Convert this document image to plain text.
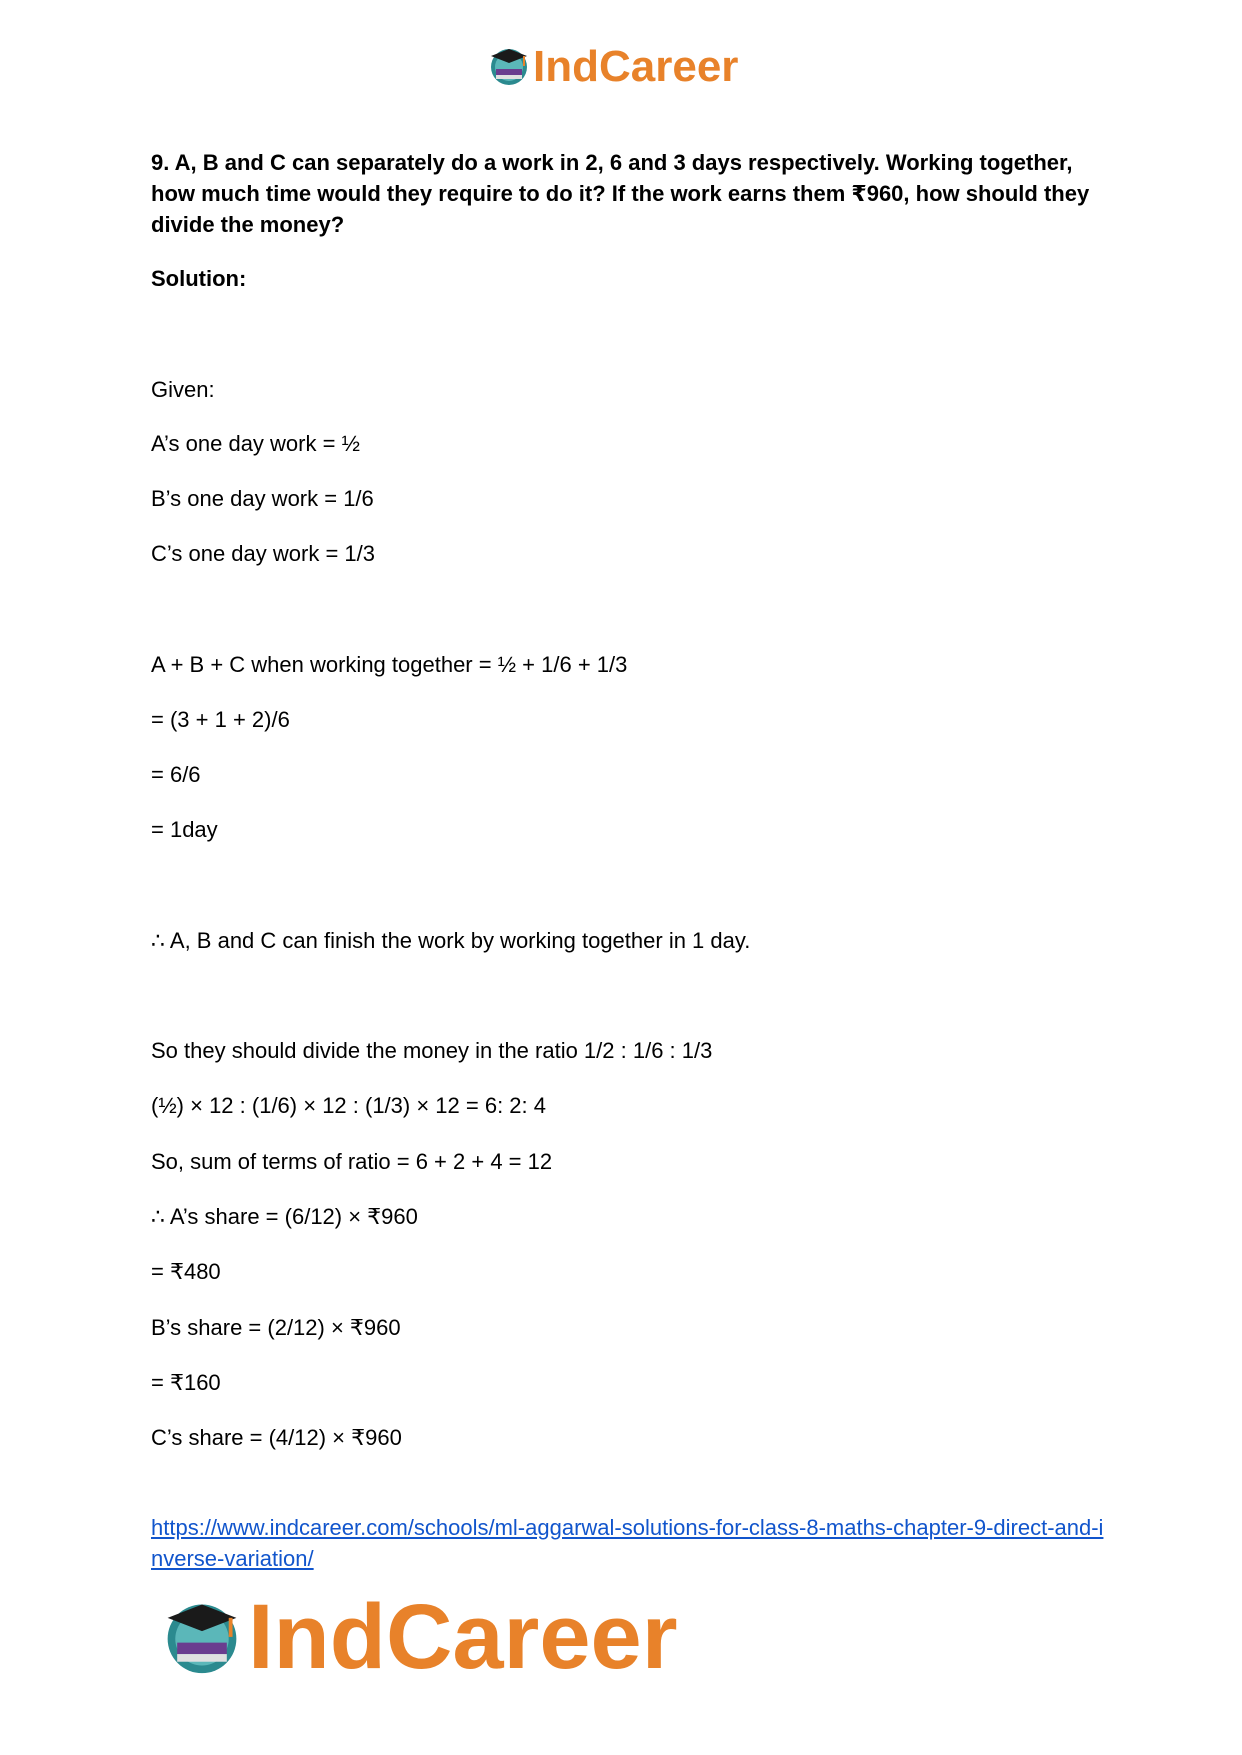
IndCareer
9. A, B and C can separately do a work in 2, 6 and 3 days respectively. Working together, how much time would they require to do it? If the work earns them ₹960, how should they divide the money?
Solution:
Given:
A’s one day work = ½
B’s one day work = 1/6
C’s one day work = 1/3
A + B + C when working together = ½ + 1/6 + 1/3
= (3 + 1 + 2)/6
= 6/6
= 1day
∴ A, B and C can finish the work by working together in 1 day.
So they should divide the money in the ratio 1/2 : 1/6 : 1/3
(½) × 12 : (1/6) × 12 : (1/3) × 12 = 6: 2: 4
So, sum of terms of ratio = 6 + 2 + 4 = 12
∴ A’s share = (6/12) × ₹960
= ₹480
B’s share = (2/12) × ₹960
= ₹160
C’s share = (4/12) × ₹960
https://www.indcareer.com/schools/ml-aggarwal-solutions-for-class-8-maths-chapter-9-direct-and-inverse-variation/
IndCareer
